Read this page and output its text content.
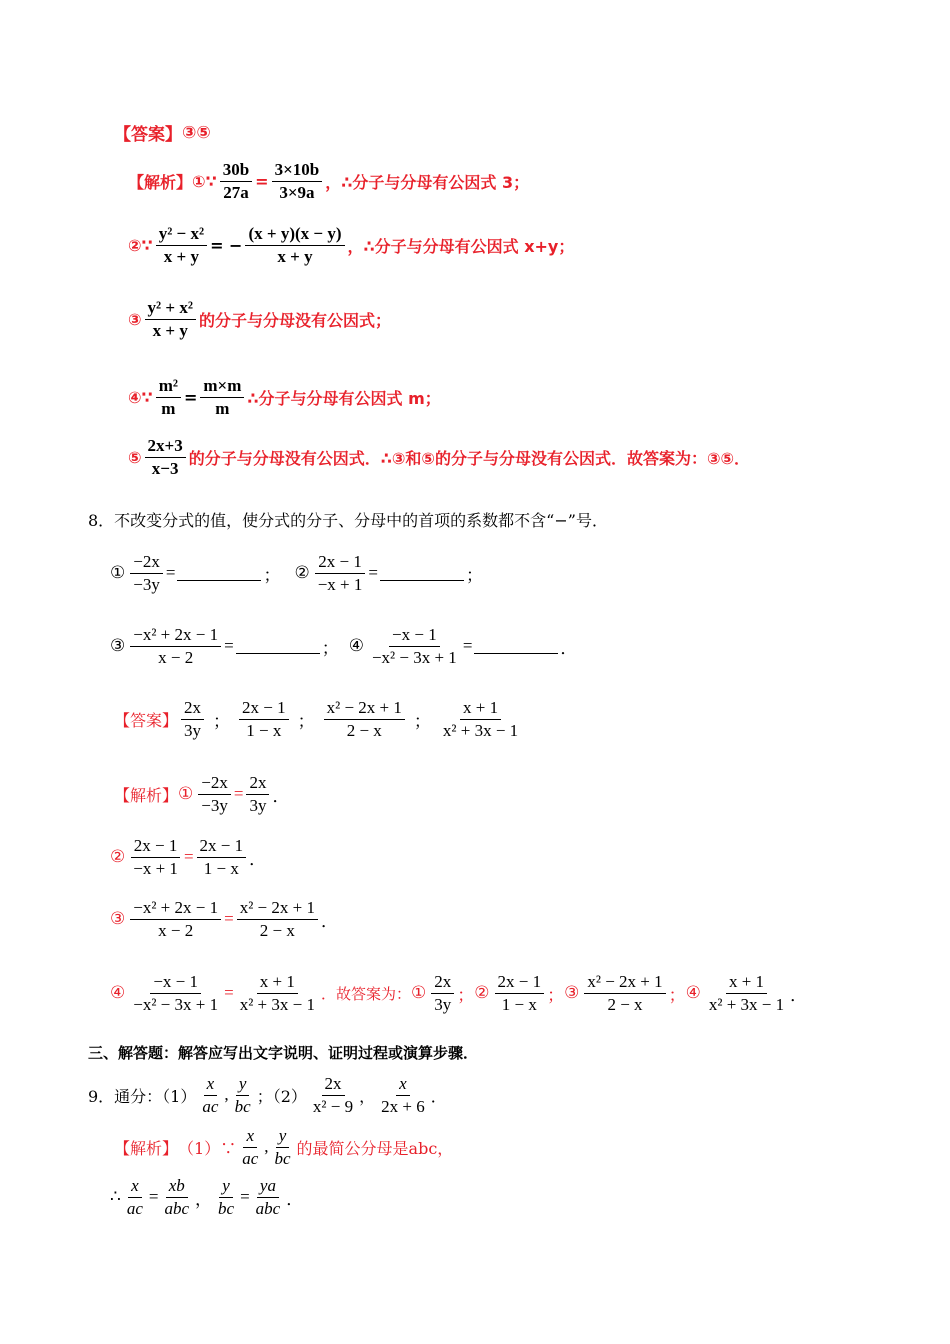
【答案】 ③⑤
【解析】 ①∵ $\frac{30b}{27a} = \frac{3\times 10b}{3\times 9a}$ ，∴分子与分母有公因式 3；
②∵ $\frac{\text{y² − x²}}{x + y}$ = − $\frac{(x + y)(x - y)}{x + y}$ ，∴分子与分母有公因式 x+y；
③ $\frac{\text{y² + x²}}{x + y}$ 的分子与分母没有公因式；
④∵ $\frac{\text{m²}}{m} = \frac{m\times m}{m}$ ∴分子与分母有公因式 m；
⑤ $\frac{2x+3}{x-3}$ 的分子与分母没有公因式．∴③和⑤的分子与分母没有公因式．故答案为：③⑤．
8．不改变分式的值，使分式的分子、分母中的首项的系数都不含“−”号．
① $\frac{-2x}{-3y}$ =	； ② $\frac{2x - 1}{-x + 1}$ =	；
③ $\frac{\text{−x² + 2x − 1}}{x - 2}$ =	； ④ $\frac{-x - 1}{\text{−x² − 3x + 1}}$ =	．
【答案】 $\frac{2x}{3y}$ ； $\frac{2x - 1}{1 - x}$ ； $\frac{\text{x² − 2x + 1}}{2 - x}$ ； $\frac{x + 1}{\text{x² + 3x − 1}}$
【解析】 ① $\frac{-2x}{-3y} = \frac{2x}{3y}$ ．
② $\frac{2x - 1}{-x + 1} = \frac{2x - 1}{1 - x}$ ．
③ $\frac{\text{−x² + 2x − 1}}{x - 2} = \frac{\text{x² − 2x + 1}}{2 - x}$ ．
④ $\frac{-x - 1}{\text{−x² − 3x + 1}} = \frac{x + 1}{\text{x² + 3x − 1}}$ ．故答案为： ① $\frac{2x}{3y}$ ； ② $\frac{2x - 1}{1 - x}$ ； ③ $\frac{\text{x² − 2x + 1}}{2 - x}$ ； ④ $\frac{x + 1}{\text{x² + 3x − 1}}$ ．
三、解答题：解答应写出文字说明、证明过程或演算步骤．
9．通分：$(1) \frac{x}{ac}$ , $\frac{y}{bc}$ ；$(2) \frac{2x}{\text{x² − 9}}$ ， $\frac{x}{2x + 6}$ ．
【解析】 （1）∵ $\frac{x}{ac}$ , $\frac{y}{bc}$ 的最简公分母是abc，
∴ $\frac{x}{ac} = \frac{xb}{\text{abc}}$ ， $\frac{y}{bc} = \frac{ya}{\text{abc}}$ ．
